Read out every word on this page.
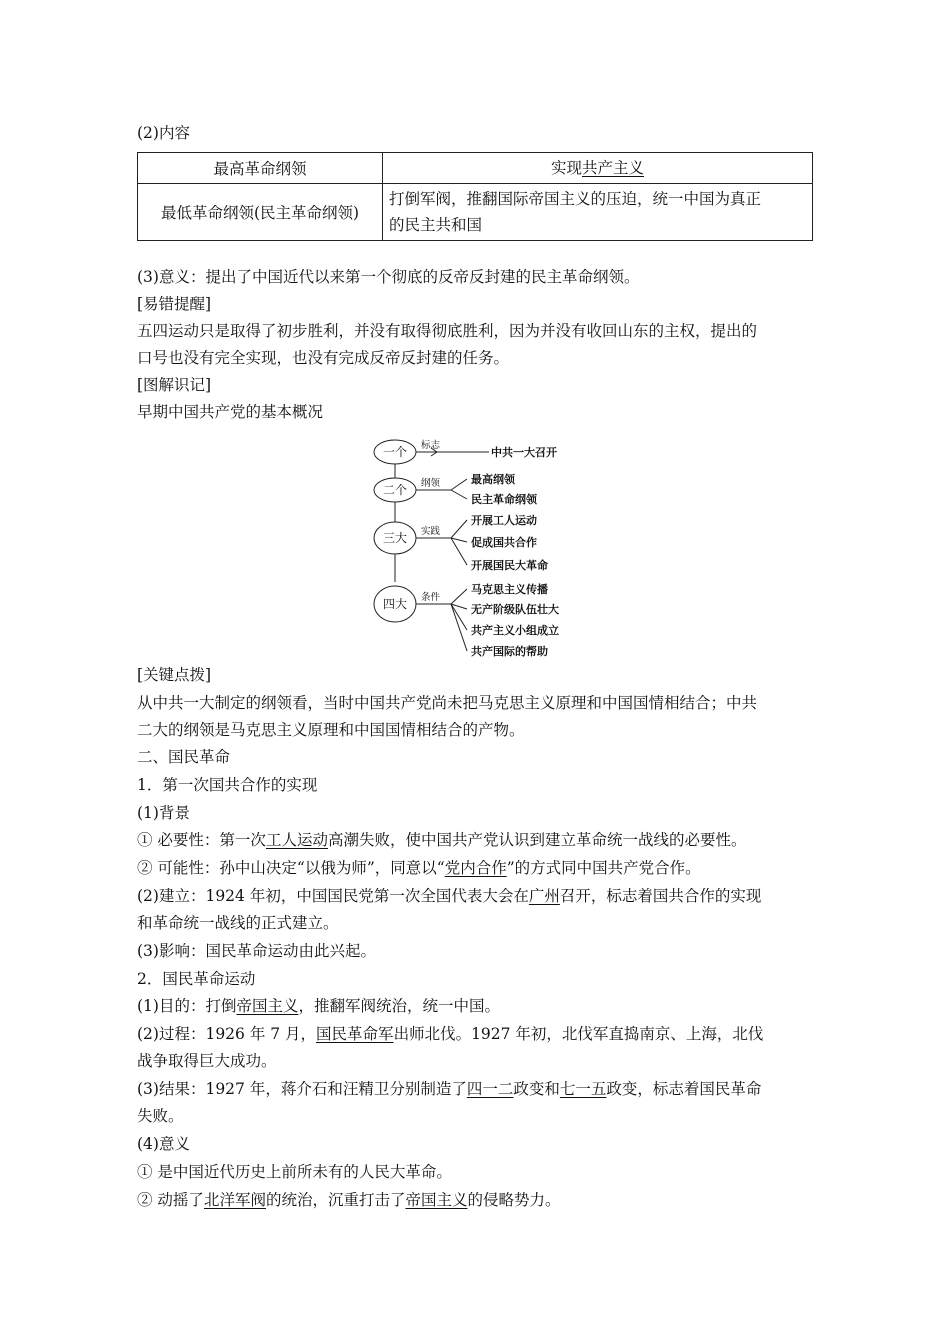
(2)内容
最高革命纲领	实现共产主义
最低革命纲领(民主革命纲领)	打倒军阀，推翻国际帝国主义的压迫，统一中国为真正
的民主共和国
(3)意义：提出了中国近代以来第一个彻底的反帝反封建的民主革命纲领。
[易错提醒]
五四运动只是取得了初步胜利，并没有取得彻底胜利，因为并没有收回山东的主权，提出的
口号也没有完全实现，也没有完成反帝反封建的任务。
[图解识记]
早期中国共产党的基本概况
一个
二个
三大
四大
标志
纲领
实践
条件
中共一大召开
最高纲领
民主革命纲领
开展工人运动
促成国共合作
开展国民大革命
马克思主义传播
无产阶级队伍壮大
共产主义小组成立
共产国际的帮助
[关键点拨]
从中共一大制定的纲领看，当时中国共产党尚未把马克思主义原理和中国国情相结合；中共
二大的纲领是马克思主义原理和中国国情相结合的产物。
二、国民革命
1．第一次国共合作的实现
(1)背景
① 必要性：第一次工人运动高潮失败，使中国共产党认识到建立革命统一战线的必要性。
② 可能性：孙中山决定“以俄为师”，同意以“党内合作”的方式同中国共产党合作。
(2)建立：1924 年初，中国国民党第一次全国代表大会在广州召开，标志着国共合作的实现
和革命统一战线的正式建立。
(3)影响：国民革命运动由此兴起。
2．国民革命运动
(1)目的：打倒帝国主义，推翻军阀统治，统一中国。
(2)过程：1926 年 7 月，国民革命军出师北伐。1927 年初，北伐军直捣南京、上海，北伐
战争取得巨大成功。
(3)结果：1927 年，蒋介石和汪精卫分别制造了四一二政变和七一五政变，标志着国民革命
失败。
(4)意义
① 是中国近代历史上前所未有的人民大革命。
② 动摇了北洋军阀的统治，沉重打击了帝国主义的侵略势力。
